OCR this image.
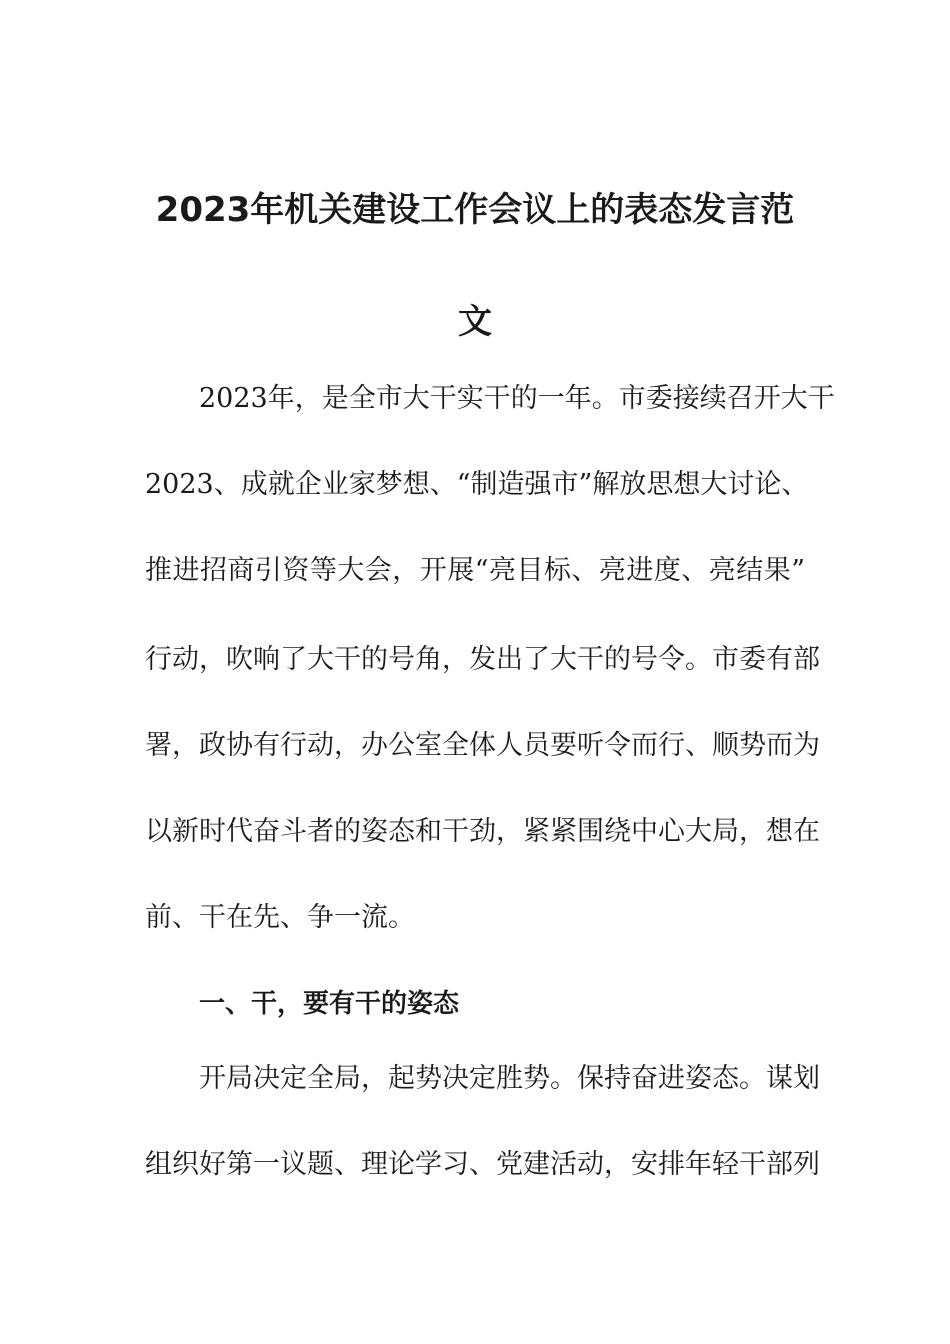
2023年机关建设工作会议上的表态发言范
文
2023年，是全市大干实干的一年。市委接续召开大干
2023、成就企业家梦想、“制造强市”解放思想大讨论、
推进招商引资等大会，开展“亮目标、亮进度、亮结果”
行动，吹响了大干的号角，发出了大干的号令。市委有部
署，政协有行动，办公室全体人员要听令而行、顺势而为
以新时代奋斗者的姿态和干劲，紧紧围绕中心大局，想在
前、干在先、争一流。
一、干，要有干的姿态
开局决定全局，起势决定胜势。保持奋进姿态。谋划
组织好第一议题、理论学习、党建活动，安排年轻干部列
